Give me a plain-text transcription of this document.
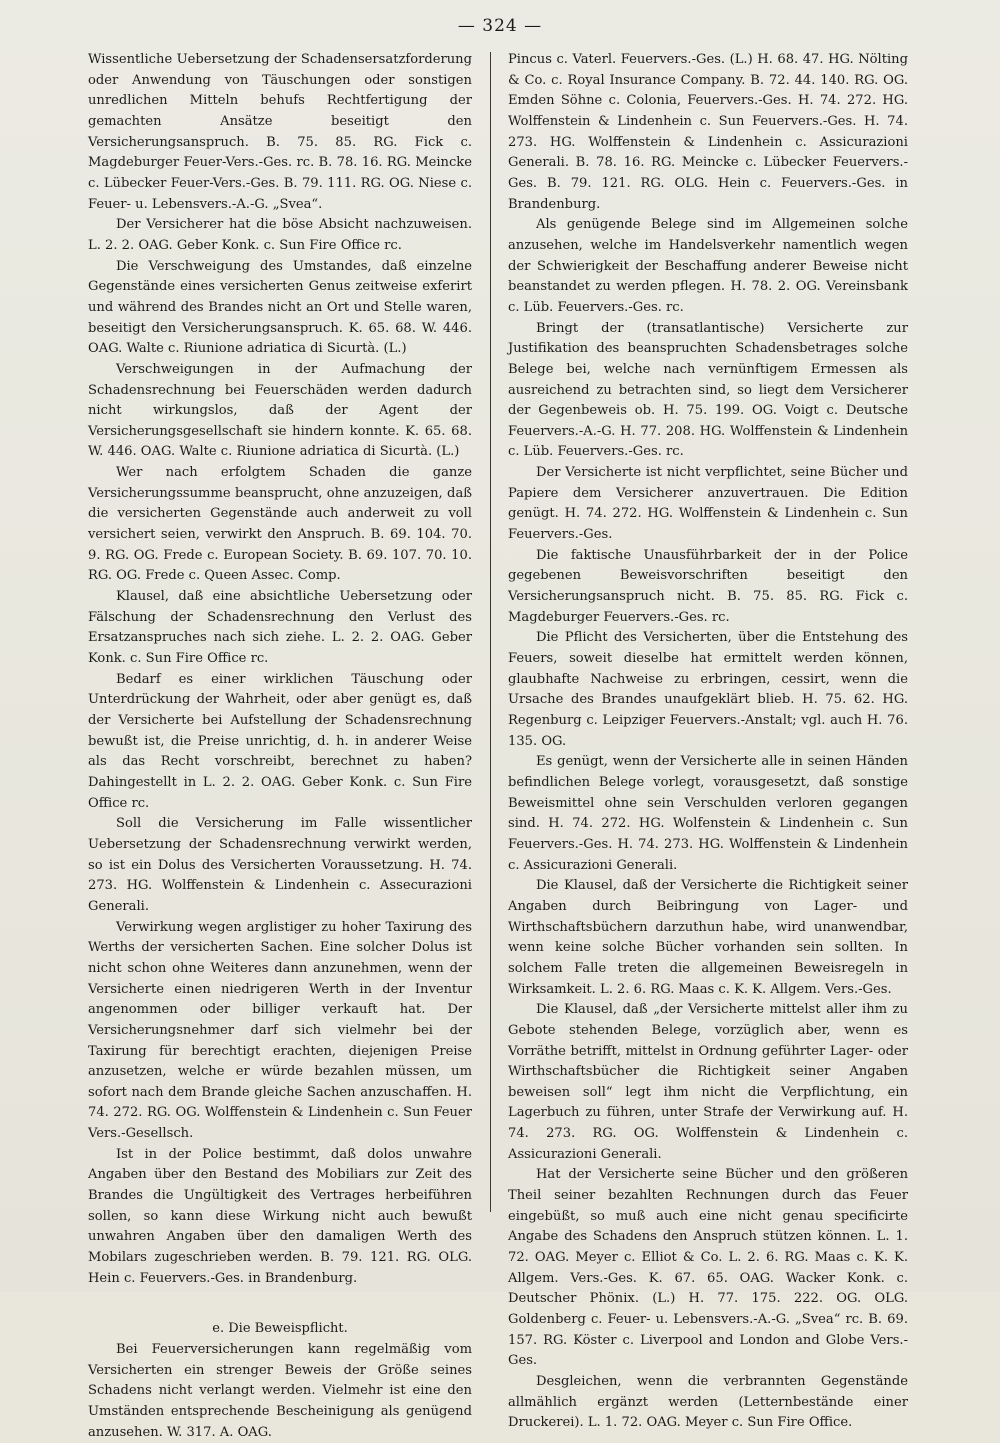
— 324 —

Wissentliche Uebersetzung der Schadensersatzforderung oder Anwendung von Täuschungen oder sonstigen unredlichen Mitteln behufs Rechtfertigung der gemachten Ansätze beseitigt den Versicherungsanspruch. B. 75. 85. RG. Fick c. Magdeburger Feuer-Vers.-Ges. rc. B. 78. 16. RG. Meincke c. Lübecker Feuer-Vers.-Ges. B. 79. 111. RG. OG. Niese c. Feuer- u. Lebensvers.-A.-G. „Svea“.

Der Versicherer hat die böse Absicht nachzuweisen. L. 2. 2. OAG. Geber Konk. c. Sun Fire Office rc.

Die Verschweigung des Umstandes, daß einzelne Gegenstände eines versicherten Genus zeitweise exferirt und während des Brandes nicht an Ort und Stelle waren, beseitigt den Versicherungsanspruch. K. 65. 68. W. 446. OAG. Walte c. Riunione adriatica di Sicurtà. (L.)

Verschweigungen in der Aufmachung der Schadensrechnung bei Feuerschäden werden dadurch nicht wirkungslos, daß der Agent der Versicherungsgesellschaft sie hindern konnte. K. 65. 68. W. 446. OAG. Walte c. Riunione adriatica di Sicurtà. (L.)

Wer nach erfolgtem Schaden die ganze Versicherungssumme beansprucht, ohne anzuzeigen, daß die versicherten Gegenstände auch anderweit zu voll versichert seien, verwirkt den Anspruch. B. 69. 104. 70. 9. RG. OG. Frede c. European Society. B. 69. 107. 70. 10. RG. OG. Frede c. Queen Assec. Comp.

Klausel, daß eine absichtliche Uebersetzung oder Fälschung der Schadensrechnung den Verlust des Ersatzanspruches nach sich ziehe. L. 2. 2. OAG. Geber Konk. c. Sun Fire Office rc.

Bedarf es einer wirklichen Täuschung oder Unterdrückung der Wahrheit, oder aber genügt es, daß der Versicherte bei Aufstellung der Schadensrechnung bewußt ist, die Preise unrichtig, d. h. in anderer Weise als das Recht vorschreibt, berechnet zu haben? Dahingestellt in L. 2. 2. OAG. Geber Konk. c. Sun Fire Office rc.

Soll die Versicherung im Falle wissentlicher Uebersetzung der Schadensrechnung verwirkt werden, so ist ein Dolus des Versicherten Voraussetzung. H. 74. 273. HG. Wolffenstein & Lindenhein c. Assecurazioni Generali.

Verwirkung wegen arglistiger zu hoher Taxirung des Werths der versicherten Sachen. Eine solcher Dolus ist nicht schon ohne Weiteres dann anzunehmen, wenn der Versicherte einen niedrigeren Werth in der Inventur angenommen oder billiger verkauft hat. Der Versicherungsnehmer darf sich vielmehr bei der Taxirung für berechtigt erachten, diejenigen Preise anzusetzen, welche er würde bezahlen müssen, um sofort nach dem Brande gleiche Sachen anzuschaffen. H. 74. 272. RG. OG. Wolffenstein & Lindenhein c. Sun Feuer Vers.-Gesellsch.

Ist in der Police bestimmt, daß dolos unwahre Angaben über den Bestand des Mobiliars zur Zeit des Brandes die Ungültigkeit des Vertrages herbeiführen sollen, so kann diese Wirkung nicht auch bewußt unwahren Angaben über den damaligen Werth des Mobilars zugeschrieben werden. B. 79. 121. RG. OLG. Hein c. Feuervers.-Ges. in Brandenburg.

e. Die Beweispflicht.

Bei Feuerversicherungen kann regelmäßig vom Versicherten ein strenger Beweis der Größe seines Schadens nicht verlangt werden. Vielmehr ist eine den Umständen entsprechende Bescheinigung als genügend anzusehen. W. 317. A. OAG.

Pincus c. Vaterl. Feuervers.-Ges. (L.) H. 68. 47. HG. Nölting & Co. c. Royal Insurance Company. B. 72. 44. 140. RG. OG. Emden Söhne c. Colonia, Feuervers.-Ges. H. 74. 272. HG. Wolffenstein & Lindenhein c. Sun Feuervers.-Ges. H. 74. 273. HG. Wolffenstein & Lindenhein c. Assicurazioni Generali. B. 78. 16. RG. Meincke c. Lübecker Feuervers.-Ges. B. 79. 121. RG. OLG. Hein c. Feuervers.-Ges. in Brandenburg.

Als genügende Belege sind im Allgemeinen solche anzusehen, welche im Handelsverkehr namentlich wegen der Schwierigkeit der Beschaffung anderer Beweise nicht beanstandet zu werden pflegen. H. 78. 2. OG. Vereinsbank c. Lüb. Feuervers.-Ges. rc.

Bringt der (transatlantische) Versicherte zur Justifikation des beanspruchten Schadensbetrages solche Belege bei, welche nach vernünftigem Ermessen als ausreichend zu betrachten sind, so liegt dem Versicherer der Gegenbeweis ob. H. 75. 199. OG. Voigt c. Deutsche Feuervers.-A.-G. H. 77. 208. HG. Wolffenstein & Lindenhein c. Lüb. Feuervers.-Ges. rc.

Der Versicherte ist nicht verpflichtet, seine Bücher und Papiere dem Versicherer anzuvertrauen. Die Edition genügt. H. 74. 272. HG. Wolffenstein & Lindenhein c. Sun Feuervers.-Ges.

Die faktische Unausführbarkeit der in der Police gegebenen Beweisvorschriften beseitigt den Versicherungsanspruch nicht. B. 75. 85. RG. Fick c. Magdeburger Feuervers.-Ges. rc.

Die Pflicht des Versicherten, über die Entstehung des Feuers, soweit dieselbe hat ermittelt werden können, glaubhafte Nachweise zu erbringen, cessirt, wenn die Ursache des Brandes unaufgeklärt blieb. H. 75. 62. HG. Regenburg c. Leipziger Feuervers.-Anstalt; vgl. auch H. 76. 135. OG.

Es genügt, wenn der Versicherte alle in seinen Händen befindlichen Belege vorlegt, vorausgesetzt, daß sonstige Beweismittel ohne sein Verschulden verloren gegangen sind. H. 74. 272. HG. Wolfenstein & Lindenhein c. Sun Feuervers.-Ges. H. 74. 273. HG. Wolffenstein & Lindenhein c. Assicurazioni Generali.

Die Klausel, daß der Versicherte die Richtigkeit seiner Angaben durch Beibringung von Lager- und Wirthschaftsbüchern darzuthun habe, wird unanwendbar, wenn keine solche Bücher vorhanden sein sollten. In solchem Falle treten die allgemeinen Beweisregeln in Wirksamkeit. L. 2. 6. RG. Maas c. K. K. Allgem. Vers.-Ges.

Die Klausel, daß „der Versicherte mittelst aller ihm zu Gebote stehenden Belege, vorzüglich aber, wenn es Vorräthe betrifft, mittelst in Ordnung geführter Lager- oder Wirthschaftsbücher die Richtigkeit seiner Angaben beweisen soll“ legt ihm nicht die Verpflichtung, ein Lagerbuch zu führen, unter Strafe der Verwirkung auf. H. 74. 273. RG. OG. Wolffenstein & Lindenhein c. Assicurazioni Generali.

Hat der Versicherte seine Bücher und den größeren Theil seiner bezahlten Rechnungen durch das Feuer eingebüßt, so muß auch eine nicht genau specificirte Angabe des Schadens den Anspruch stützen können. L. 1. 72. OAG. Meyer c. Elliot & Co. L. 2. 6. RG. Maas c. K. K. Allgem. Vers.-Ges. K. 67. 65. OAG. Wacker Konk. c. Deutscher Phönix. (L.) H. 77. 175. 222. OG. OLG. Goldenberg c. Feuer- u. Lebensvers.-A.-G. „Svea“ rc. B. 69. 157. RG. Köster c. Liverpool and London and Globe Vers.-Ges.

Desgleichen, wenn die verbrannten Gegenstände allmählich ergänzt werden (Letternbestände einer Druckerei). L. 1. 72. OAG. Meyer c. Sun Fire Office.
